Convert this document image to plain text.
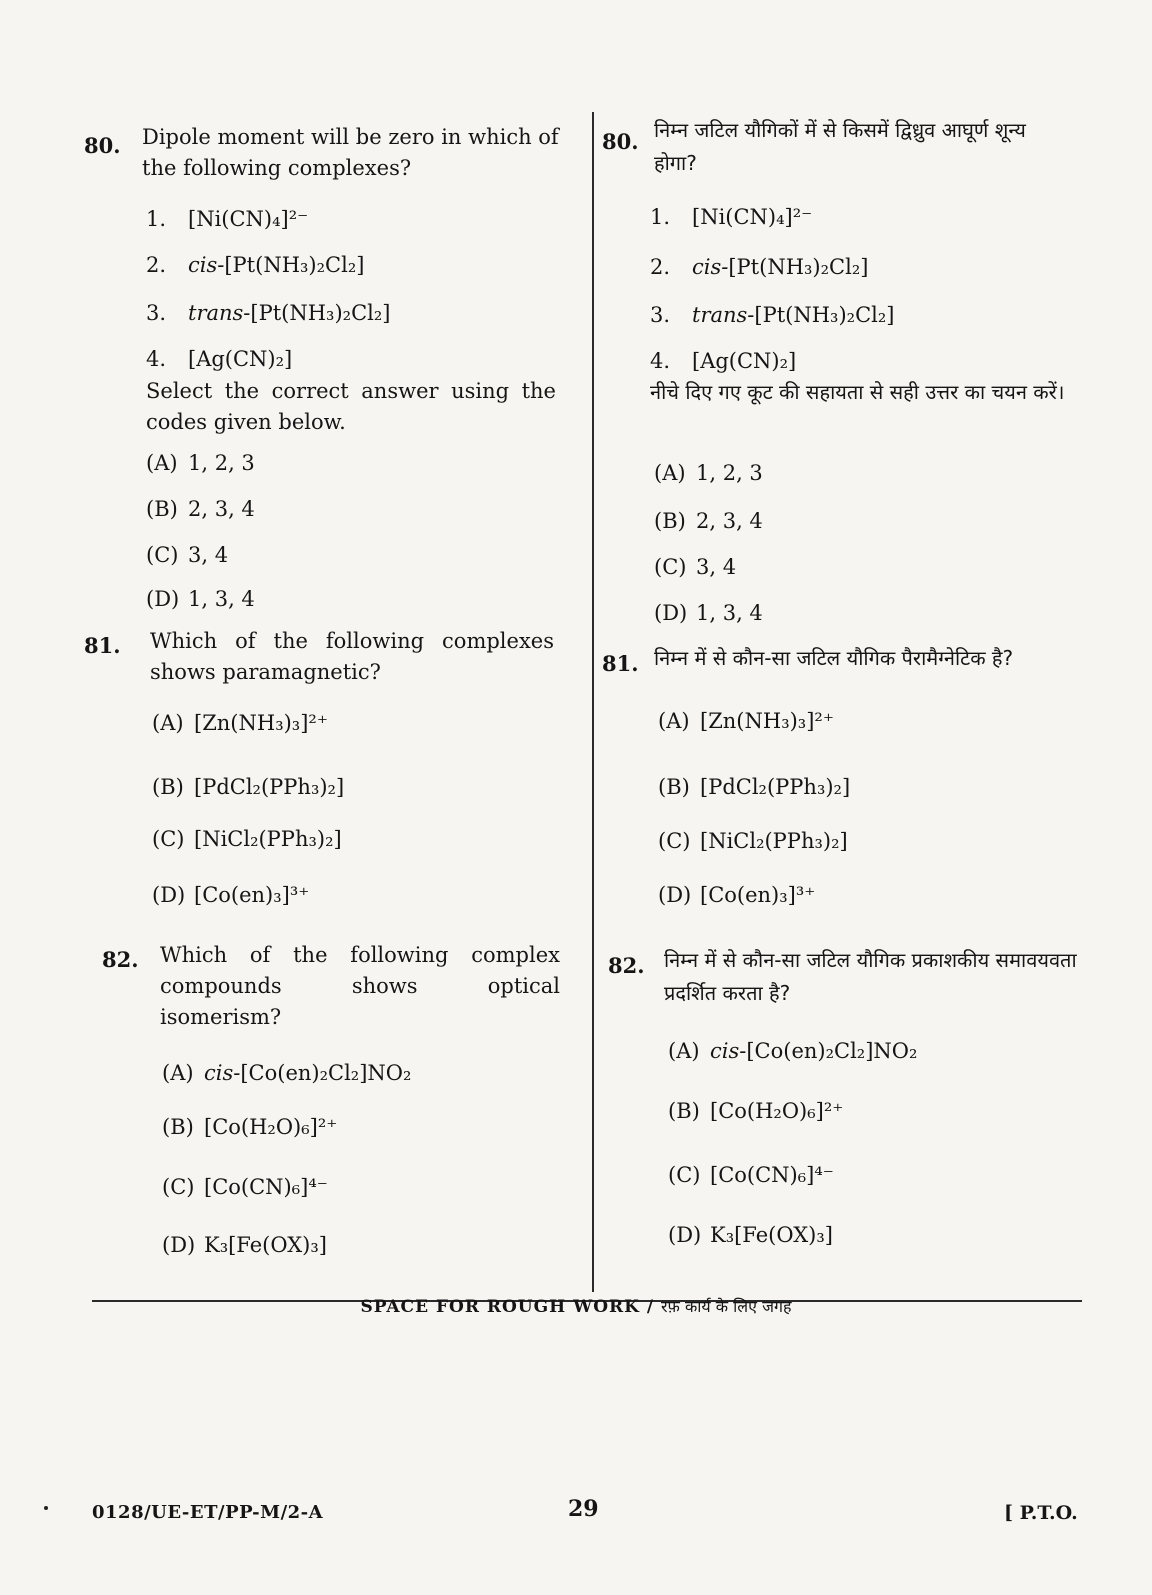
80. Dipole moment will be zero in which of the following complexes?
1. [Ni(CN)₄]²⁻
2. cis-[Pt(NH₃)₂Cl₂]
3. trans-[Pt(NH₃)₂Cl₂]
4. [Ag(CN)₂]
Select the correct answer using the codes given below.
(A) 1, 2, 3
(B) 2, 3, 4
(C) 3, 4
(D) 1, 3, 4
81. Which of the following complexes shows paramagnetic?
(A) [Zn(NH₃)₃]²⁺
(B) [PdCl₂(PPh₃)₂]
(C) [NiCl₂(PPh₃)₂]
(D) [Co(en)₃]³⁺
82. Which of the following complex compounds shows optical isomerism?
(A) cis-[Co(en)₂Cl₂]NO₂
(B) [Co(H₂O)₆]²⁺
(C) [Co(CN)₆]⁴⁻
(D) K₃[Fe(OX)₃]
80. निम्न जटिल यौगिकों में से किसमें द्विध्रुव आघूर्ण शून्य होगा?
1. [Ni(CN)₄]²⁻
2. cis-[Pt(NH₃)₂Cl₂]
3. trans-[Pt(NH₃)₂Cl₂]
4. [Ag(CN)₂]
नीचे दिए गए कूट की सहायता से सही उत्तर का चयन करें।
(A) 1, 2, 3
(B) 2, 3, 4
(C) 3, 4
(D) 1, 3, 4
81. निम्न में से कौन-सा जटिल यौगिक पैरामैग्नेटिक है?
(A) [Zn(NH₃)₃]²⁺
(B) [PdCl₂(PPh₃)₂]
(C) [NiCl₂(PPh₃)₂]
(D) [Co(en)₃]³⁺
82. निम्न में से कौन-सा जटिल यौगिक प्रकाशकीय समावयवता प्रदर्शित करता है?
(A) cis-[Co(en)₂Cl₂]NO₂
(B) [Co(H₂O)₆]²⁺
(C) [Co(CN)₆]⁴⁻
(D) K₃[Fe(OX)₃]
SPACE FOR ROUGH WORK / रफ़ कार्य के लिए जगह
0128/UE-ET/PP-M/2-A	29	[ P.T.O.
